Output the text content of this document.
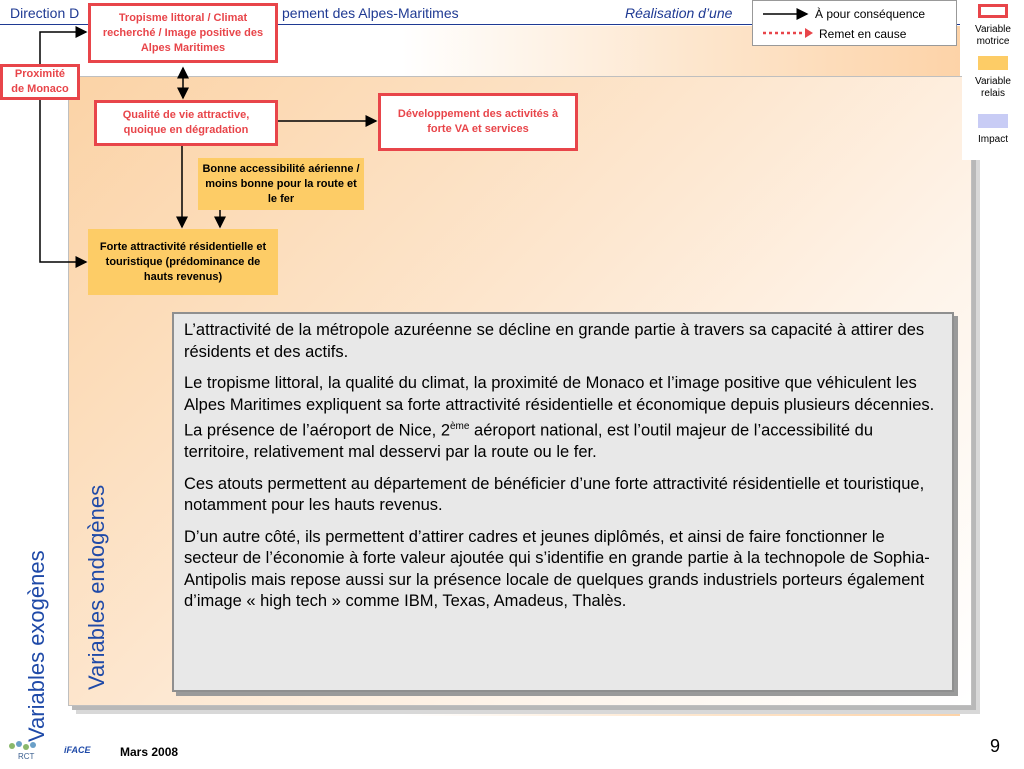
Direction D	pement des Alpes-Maritimes	Réalisation d’une
Variables exogènes Variables endogènes
Tropisme littoral / Climat recherché / Image positive des Alpes Maritimes
Proximité de Monaco
Qualité de vie attractive, quoique en dégradation
Développement des activités à forte VA et services
Bonne accessibilité aérienne / moins bonne pour la route et le fer
Forte attractivité résidentielle et touristique (prédominance de hauts revenus)
À pour conséquence
Remet en cause	Variable motrice
Variable relais
Impact

L’attractivité de la métropole azuréenne se décline en grande partie à travers sa capacité à attirer des résidents et des actifs.

Le tropisme littoral, la qualité du climat, la proximité de Monaco et l’image positive que véhiculent les Alpes Maritimes expliquent sa forte attractivité résidentielle et économique depuis plusieurs décennies. La présence de l’aéroport de Nice, 2ème aéroport national, est l’outil majeur de l’accessibilité du territoire, relativement mal desservi par la route ou le fer.

Ces atouts permettent au département de bénéficier d’une forte attractivité résidentielle et touristique, notamment pour les hauts revenus.

D’un autre côté, ils permettent d’attirer cadres et jeunes diplômés, et ainsi de faire fonctionner le secteur de l’économie à forte valeur ajoutée qui s’identifie en grande partie à la technopole de Sophia-Antipolis mais repose aussi sur la présence locale de quelques grands industriels porteurs également d’image « high tech » comme IBM, Texas, Amadeus, Thalès.

RCT
iFACE Mars 2008	9
